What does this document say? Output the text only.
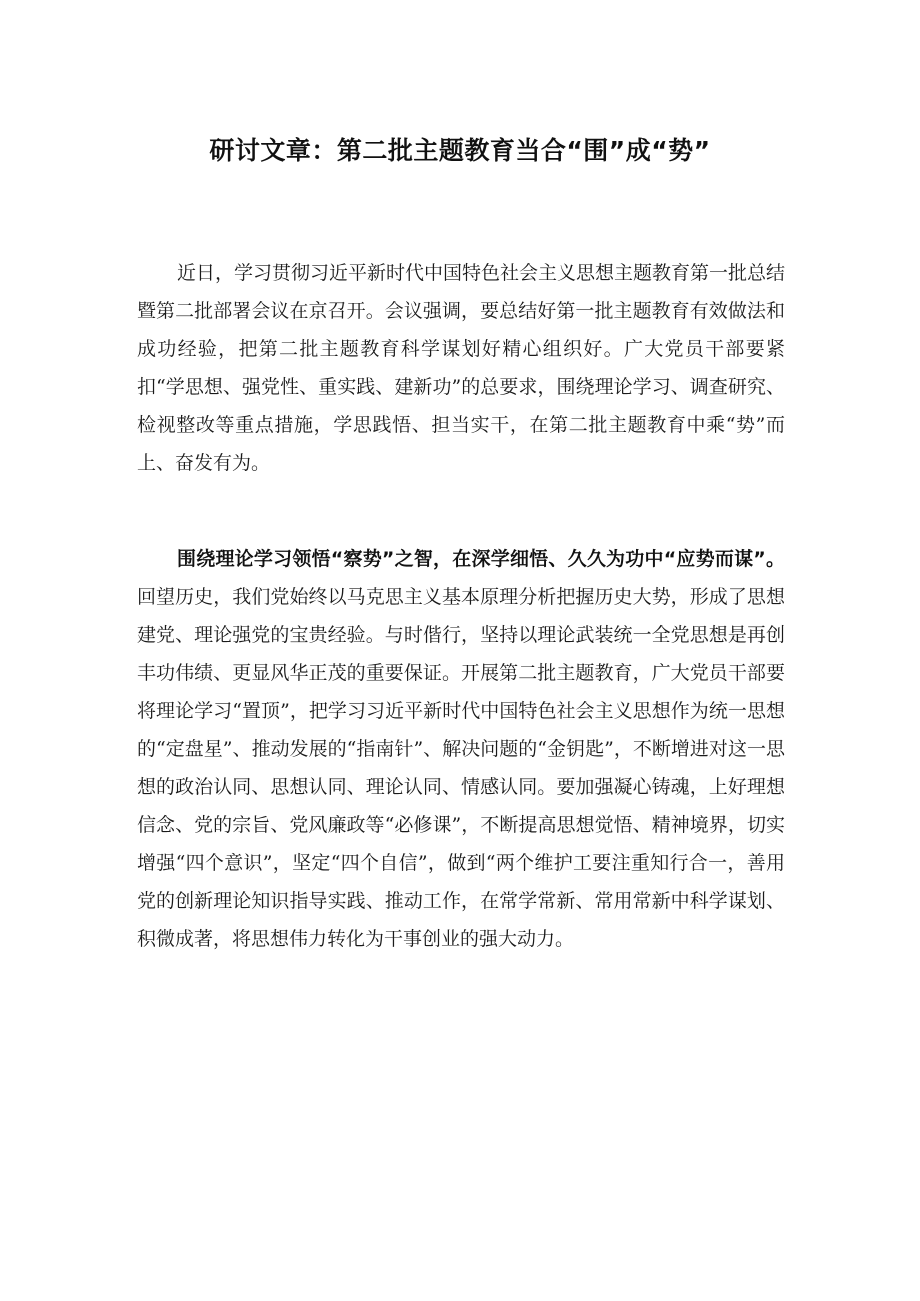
研讨文章：第二批主题教育当合“围”成“势”

近日，学习贯彻习近平新时代中国特色社会主义思想主题教育第一批总结暨第二批部署会议在京召开。会议强调，要总结好第一批主题教育有效做法和成功经验，把第二批主题教育科学谋划好精心组织好。广大党员干部要紧扣“学思想、强党性、重实践、建新功”的总要求，围绕理论学习、调查研究、检视整改等重点措施，学思践悟、担当实干，在第二批主题教育中乘“势”而上、奋发有为。

围绕理论学习领悟“察势”之智，在深学细悟、久久为功中“应势而谋”。回望历史，我们党始终以马克思主义基本原理分析把握历史大势，形成了思想建党、理论强党的宝贵经验。与时偕行，坚持以理论武装统一全党思想是再创丰功伟绩、更显风华正茂的重要保证。开展第二批主题教育，广大党员干部要将理论学习“置顶”，把学习习近平新时代中国特色社会主义思想作为统一思想的“定盘星”、推动发展的“指南针”、解决问题的“金钥匙”，不断增进对这一思想的政治认同、思想认同、理论认同、情感认同。要加强凝心铸魂，上好理想信念、党的宗旨、党风廉政等“必修课”，不断提高思想觉悟、精神境界，切实增强“四个意识”，坚定“四个自信”，做到“两个维护工要注重知行合一，善用党的创新理论知识指导实践、推动工作，在常学常新、常用常新中科学谋划、积微成著，将思想伟力转化为干事创业的强大动力。
